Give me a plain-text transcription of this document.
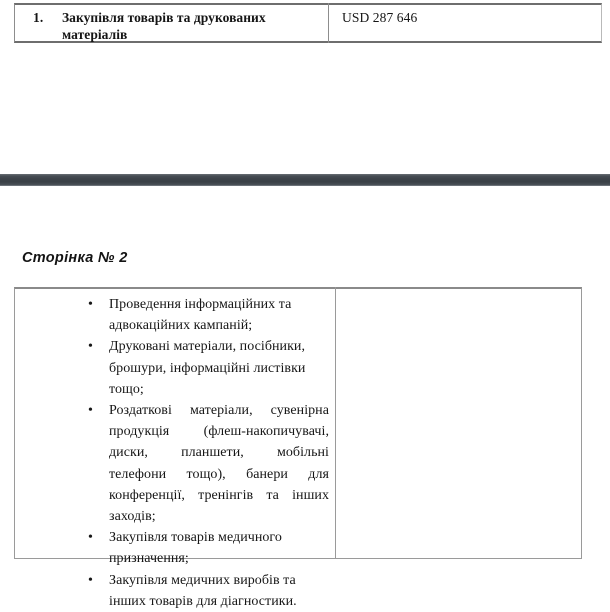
1.	Закупівля товарів та друкованих матеріалів
USD 287 646
Сторінка № 2
• Проведення інформаційних та адвокаційних кампаній;
• Друковані матеріали, посібники, брошури, інформаційні листівки тощо;
• Роздаткові матеріали, сувенірна продукція (флеш-накопичувачі, диски, планшети, мобільні телефони тощо), банери для конференції, тренінгів та інших заходів;
• Закупівля товарів медичного призначення;
• Закупівля медичних виробів та інших товарів для діагностики.
